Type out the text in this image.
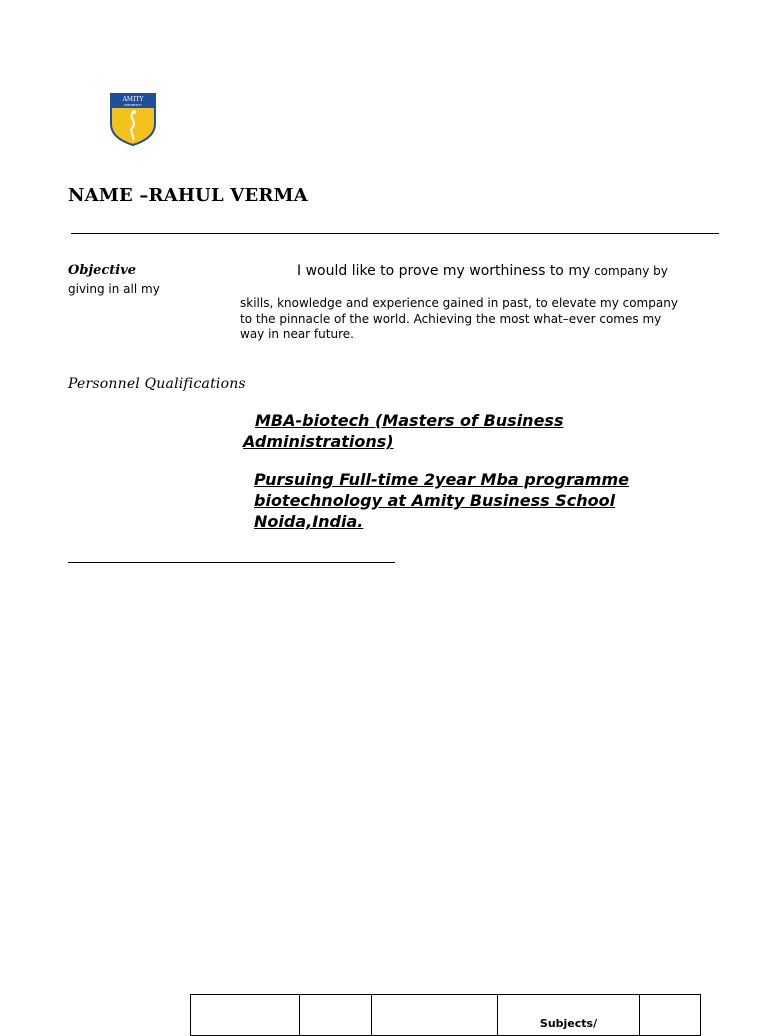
AMITY
UNIVERSITY
NAME –RAHUL VERMA
Objective	I would like to prove my worthiness to my company by
giving in all my
skills, knowledge and experience gained in past, to elevate my company
to the pinnacle of the world. Achieving the most what–ever comes my
way in near future.
Personnel Qualifications
MBA-biotech (Masters of Business
Administrations)
Pursuing Full-time 2year Mba programme
biotechnology at Amity Business School
Noida,India.
			Subjects/	
